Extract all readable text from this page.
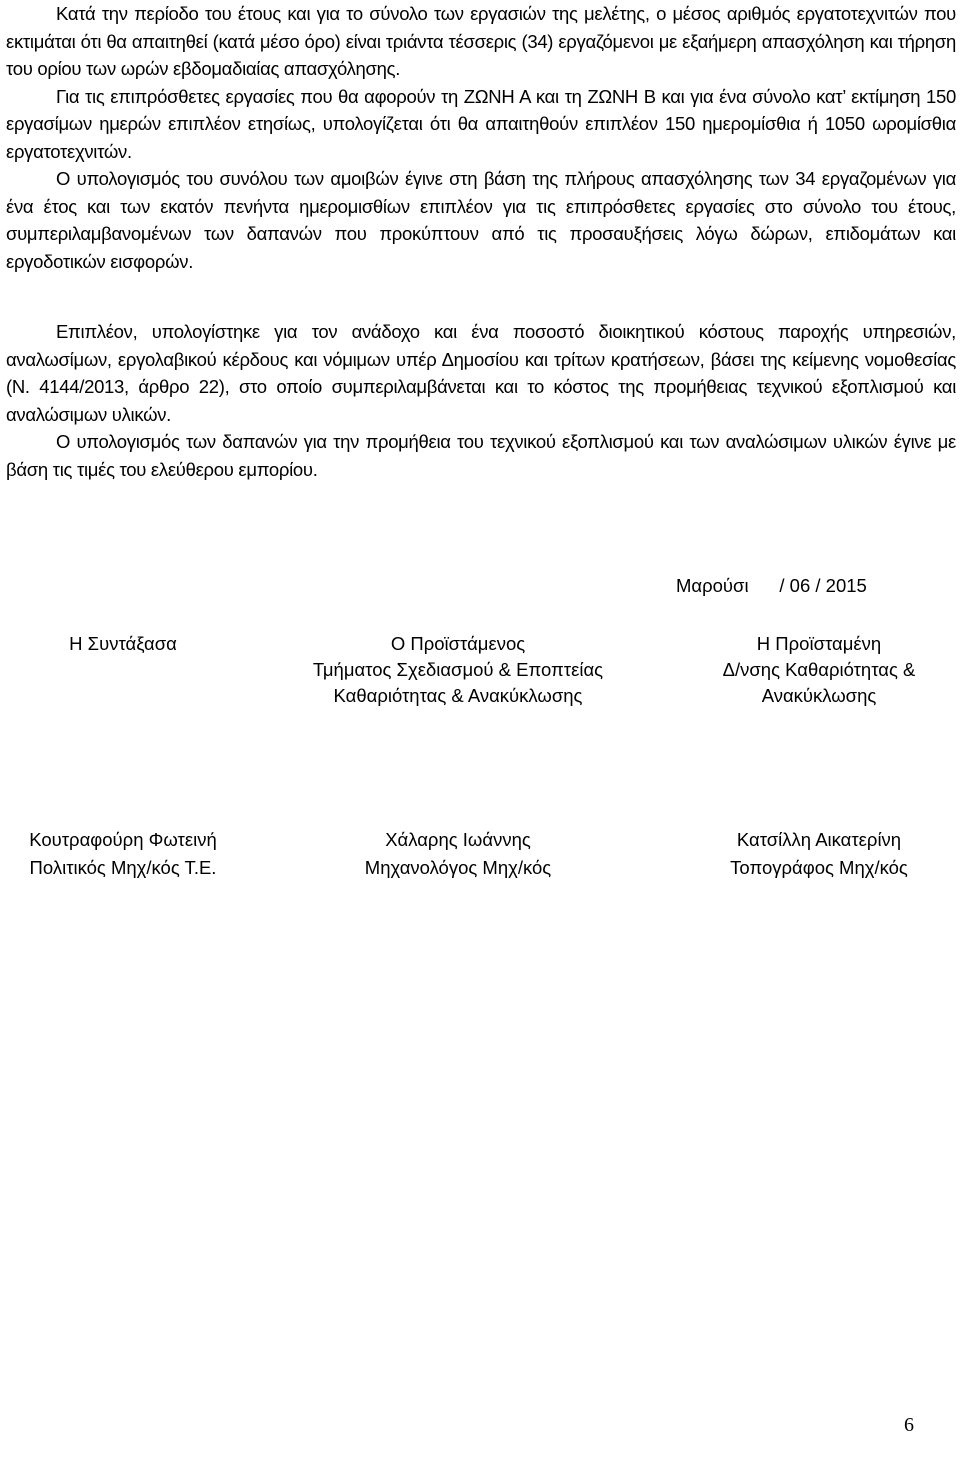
Κατά την περίοδο του έτους και για το σύνολο των εργασιών της μελέτης, ο μέσος αριθμός εργατοτεχνιτών που εκτιμάται ότι θα απαιτηθεί (κατά μέσο όρο) είναι τριάντα τέσσερις (34) εργαζόμενοι με εξαήμερη απασχόληση και τήρηση του ορίου των ωρών εβδομαδιαίας απασχόλησης.

Για τις επιπρόσθετες εργασίες που θα αφορούν τη ΖΩΝΗ Α και τη ΖΩΝΗ Β και για ένα σύνολο κατ’ εκτίμηση 150 εργασίμων ημερών επιπλέον ετησίως, υπολογίζεται ότι θα απαιτηθούν επιπλέον 150 ημερομίσθια ή 1050 ωρομίσθια εργατοτεχνιτών.

Ο υπολογισμός του συνόλου των αμοιβών έγινε στη βάση της πλήρους απασχόλησης των 34 εργαζομένων για ένα έτος και των εκατόν πενήντα ημερομισθίων επιπλέον για τις επιπρόσθετες εργασίες στο σύνολο του έτους, συμπεριλαμβανομένων των δαπανών που προκύπτουν από τις προσαυξήσεις λόγω δώρων, επιδομάτων και εργοδοτικών εισφορών.

Επιπλέον, υπολογίστηκε για τον ανάδοχο και ένα ποσοστό διοικητικού κόστους παροχής υπηρεσιών, αναλωσίμων, εργολαβικού κέρδους και νόμιμων υπέρ Δημοσίου και τρίτων κρατήσεων, βάσει της κείμενης νομοθεσίας (Ν. 4144/2013, άρθρο 22), στο οποίο συμπεριλαμβάνεται και το κόστος της προμήθειας τεχνικού εξοπλισμού και αναλώσιμων υλικών.

Ο υπολογισμός των δαπανών για την προμήθεια του τεχνικού εξοπλισμού και των αναλώσιμων υλικών έγινε με βάση τις τιμές του ελεύθερου εμπορίου.

Μαρούσι      / 06 / 2015
Η Συντάξασα	Ο Προϊστάμενος
Τμήματος Σχεδιασμού & Εποπτείας
Καθαριότητας & Ανακύκλωσης
Η Προϊσταμένη
Δ/νσης Καθαριότητας &
Ανακύκλωσης
Κουτραφούρη Φωτεινή
Πολιτικός Μηχ/κός Τ.Ε.
Χάλαρης Ιωάννης
Μηχανολόγος Μηχ/κός
Κατσίλλη Αικατερίνη
Τοπογράφος Μηχ/κός
6
